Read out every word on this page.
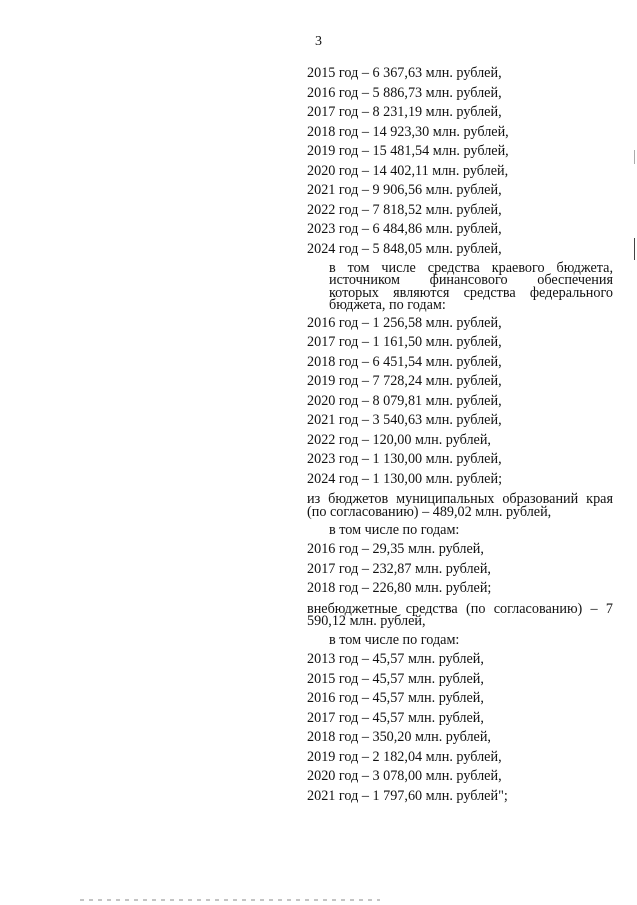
3
2015 год – 6 367,63 млн. рублей,
2016 год – 5 886,73 млн. рублей,
2017 год – 8 231,19 млн. рублей,
2018 год – 14 923,30 млн. рублей,
2019 год – 15 481,54 млн. рублей,
2020 год – 14 402,11 млн. рублей,
2021 год – 9 906,56 млн. рублей,
2022 год – 7 818,52 млн. рублей,
2023 год – 6 484,86 млн. рублей,
2024 год – 5 848,05 млн. рублей,
в том числе средства краевого бюджета, источником финансового обеспечения которых являются средства федерального бюджета, по годам:
2016 год – 1 256,58 млн. рублей,
2017 год – 1 161,50 млн. рублей,
2018 год – 6 451,54 млн. рублей,
2019 год – 7 728,24 млн. рублей,
2020 год – 8 079,81 млн. рублей,
2021 год – 3 540,63 млн. рублей,
2022 год – 120,00 млн. рублей,
2023 год – 1 130,00 млн. рублей,
2024 год – 1 130,00 млн. рублей;
из бюджетов муниципальных образований края (по согласованию) – 489,02 млн. рублей,
в том числе по годам:
2016 год – 29,35 млн. рублей,
2017 год – 232,87 млн. рублей,
2018 год – 226,80 млн. рублей;
внебюджетные средства (по согласованию) – 7 590,12 млн. рублей,
в том числе по годам:
2013 год – 45,57 млн. рублей,
2015 год – 45,57 млн. рублей,
2016 год – 45,57 млн. рублей,
2017 год – 45,57 млн. рублей,
2018 год – 350,20 млн. рублей,
2019 год – 2 182,04 млн. рублей,
2020 год – 3 078,00 млн. рублей,
2021 год – 1 797,60 млн. рублей";
